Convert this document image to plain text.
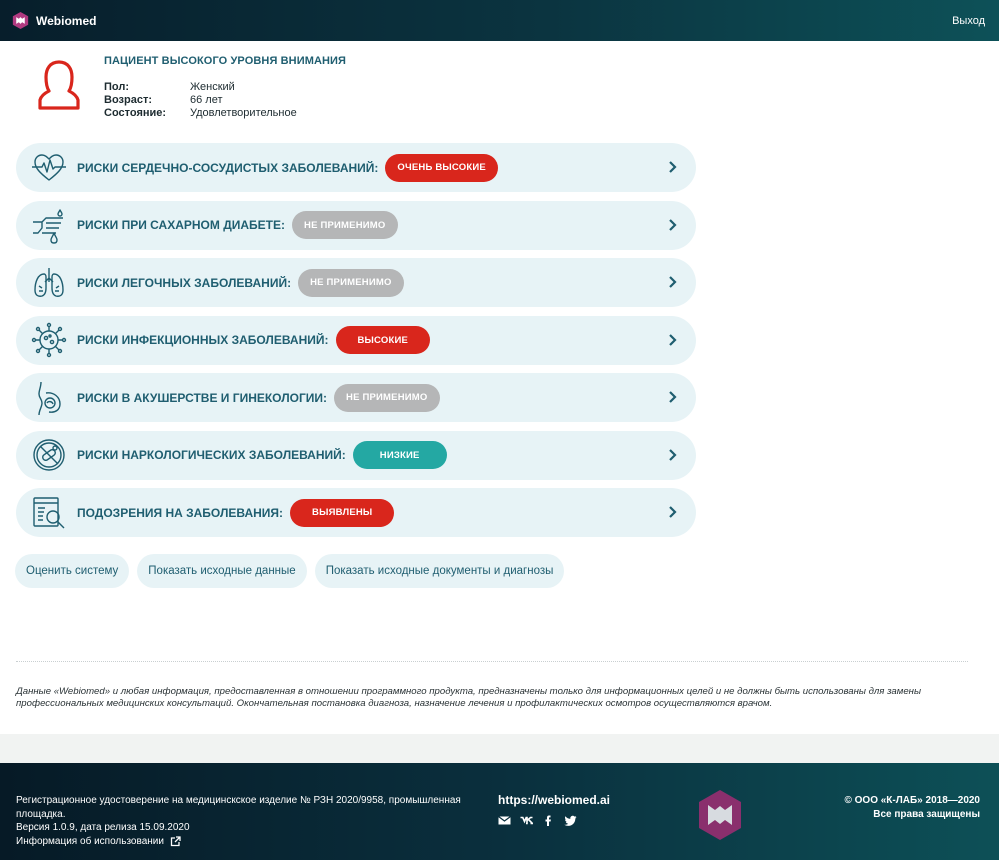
Webiomed	Выход
ПАЦИЕНТ ВЫСОКОГО УРОВНЯ ВНИМАНИЯ
Пол:	Женский
Возраст:	66 лет
Состояние:	Удовлетворительное
РИСКИ СЕРДЕЧНО-СОСУДИСТЫХ ЗАБОЛЕВАНИЙ:	ОЧЕНЬ ВЫСОКИЕ
РИСКИ ПРИ САХАРНОМ ДИАБЕТЕ:	НЕ ПРИМЕНИМО
РИСКИ ЛЕГОЧНЫХ ЗАБОЛЕВАНИЙ:	НЕ ПРИМЕНИМО
РИСКИ ИНФЕКЦИОННЫХ ЗАБОЛЕВАНИЙ:	ВЫСОКИЕ
РИСКИ В АКУШЕРСТВЕ И ГИНЕКОЛОГИИ:	НЕ ПРИМЕНИМО
РИСКИ НАРКОЛОГИЧЕСКИХ ЗАБОЛЕВАНИЙ:	НИЗКИЕ
ПОДОЗРЕНИЯ НА ЗАБОЛЕВАНИЯ:	ВЫЯВЛЕНЫ
Оценить систему	Показать исходные данные	Показать исходные документы и диагнозы
Данные «Webiomed» и любая информация, предоставленная в отношении программного продукта, предназначены только для информационных целей и не должны быть использованы для замены профессиональных медицинских консультаций. Окончательная постановка диагноза, назначение лечения и профилактических осмотров осуществляются врачом.
Регистрационное удостоверение на медицинскское изделие № РЗН 2020/9958, промышленная
площадка.
Версия 1.0.9, дата релиза 15.09.2020
Информация об использовании
https://webiomed.ai	© ООО «К-ЛАБ» 2018—2020
Все права защищены
